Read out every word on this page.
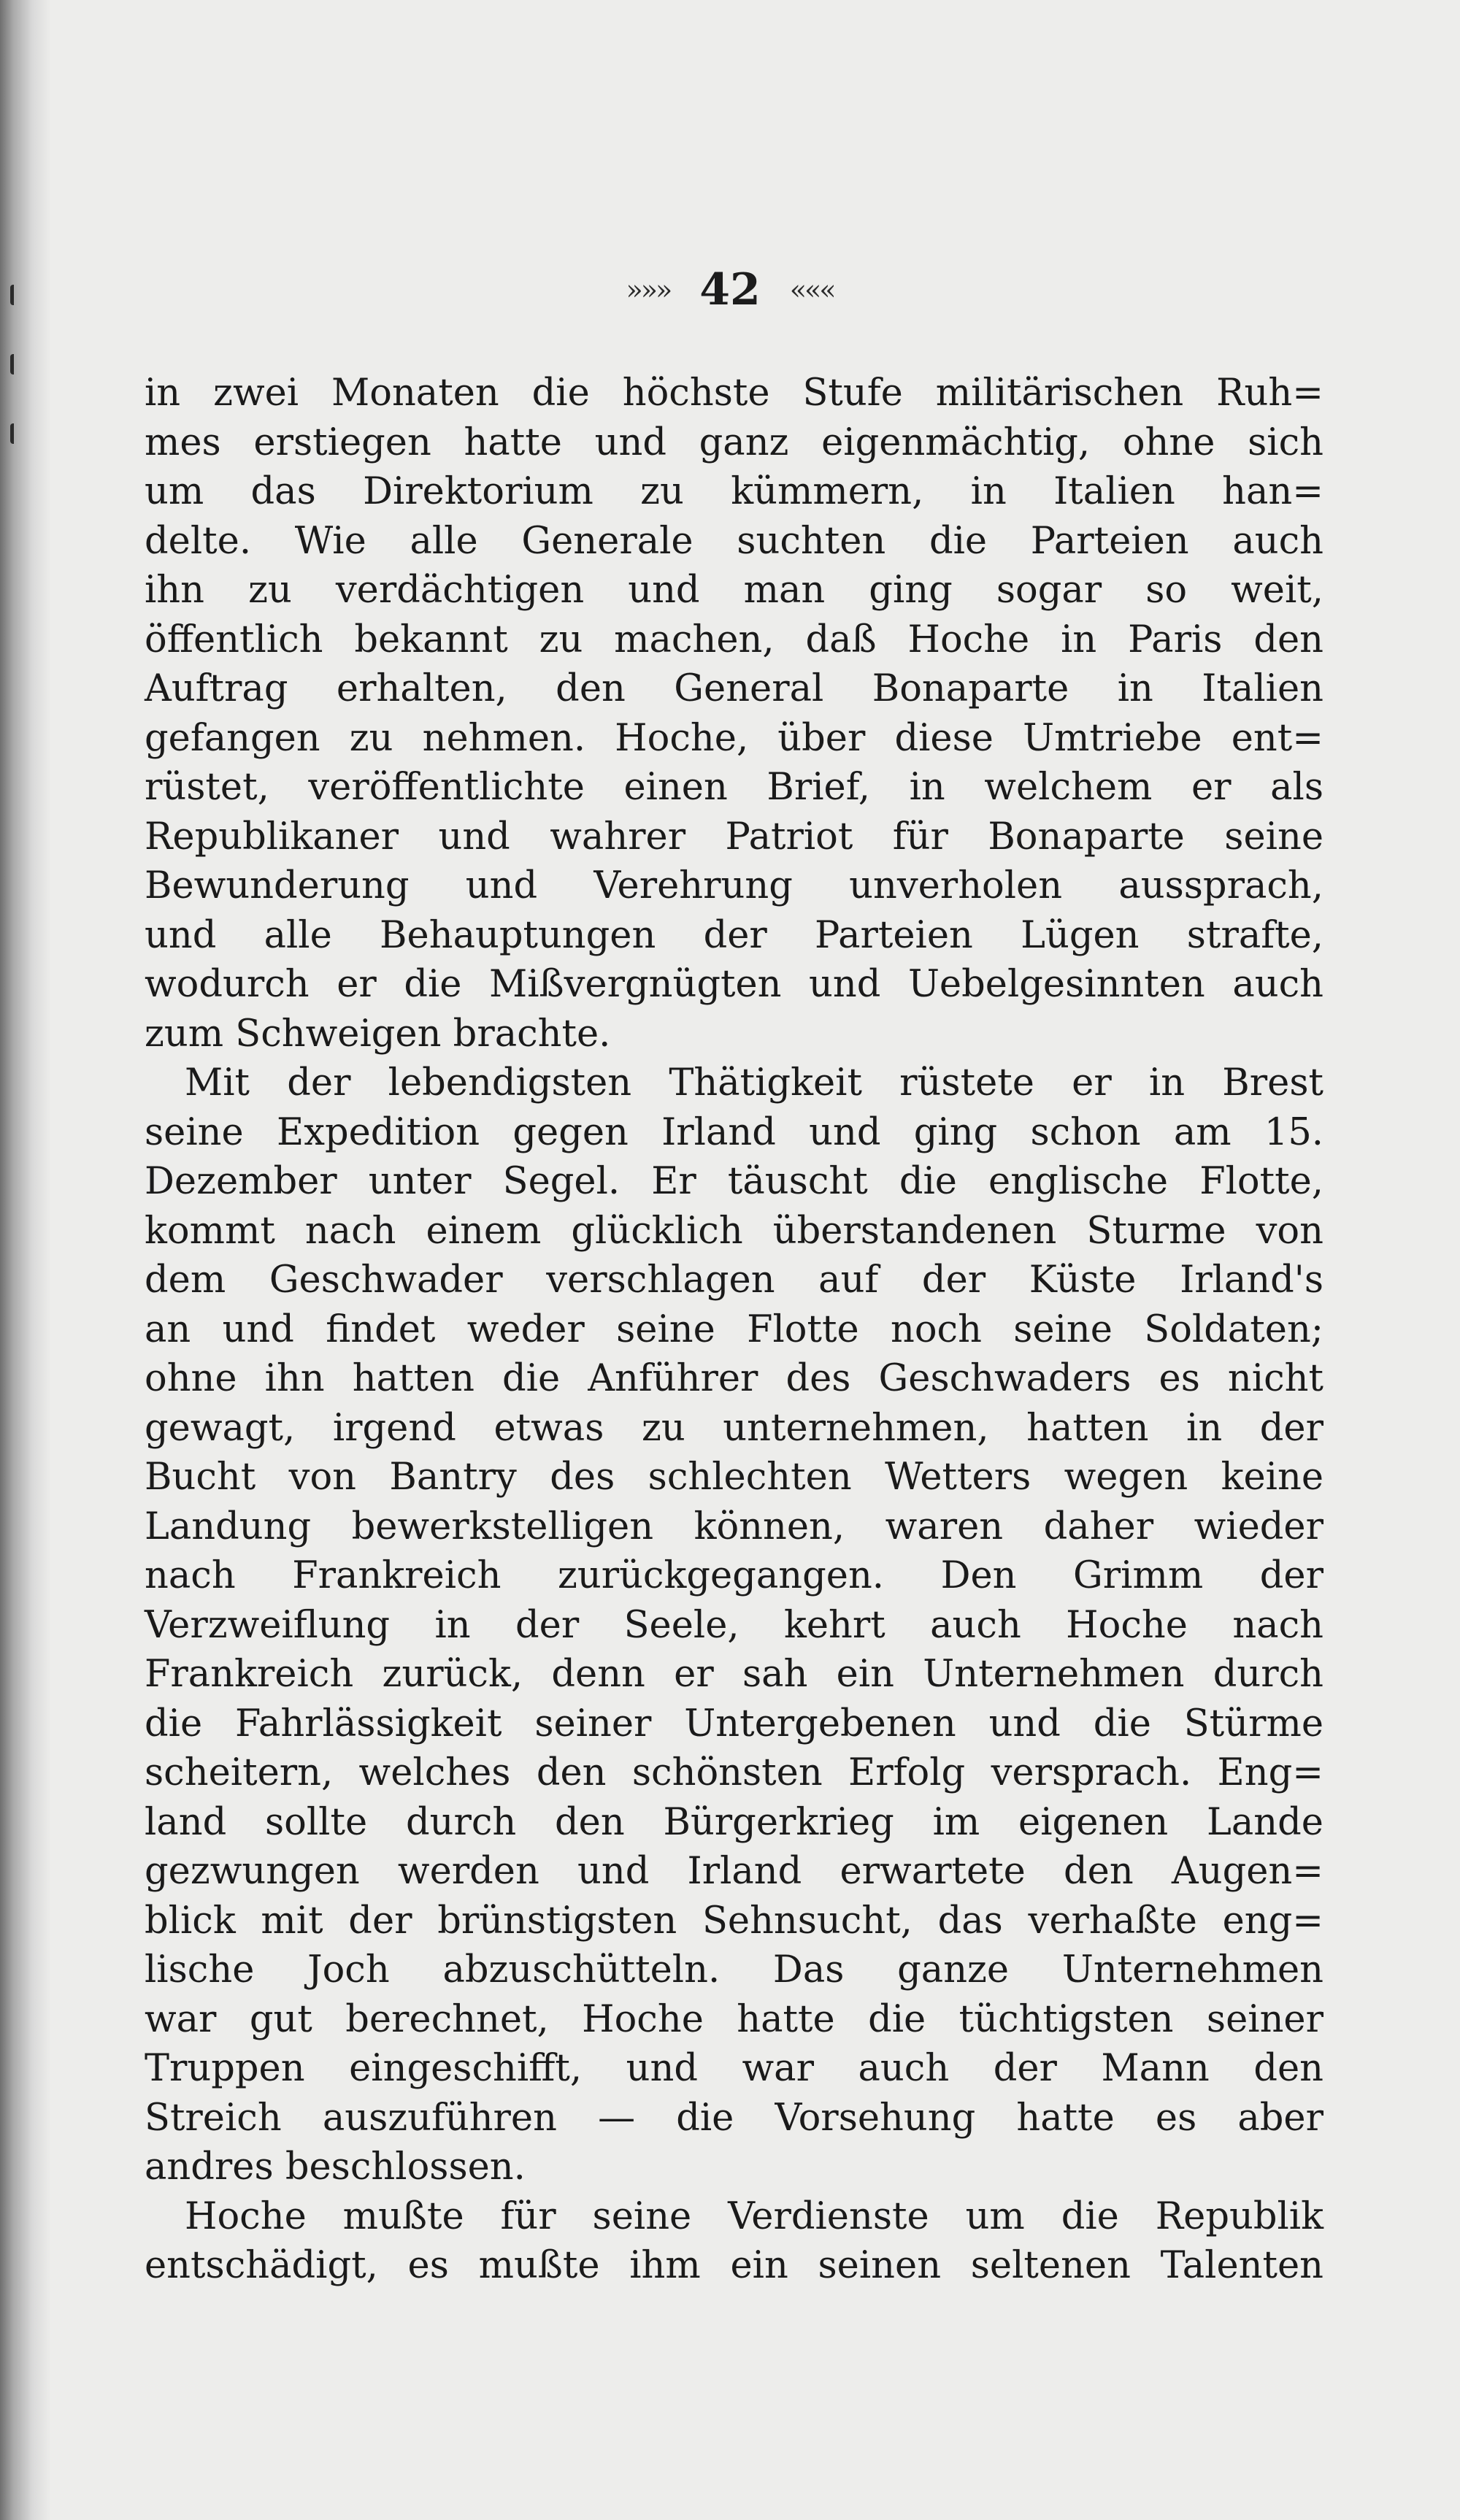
»»» 42 «««
in zwei Monaten die höchste Stufe militärischen Ruh=
mes erstiegen hatte und ganz eigenmächtig, ohne sich
um das Direktorium zu kümmern, in Italien han=
delte. Wie alle Generale suchten die Parteien auch
ihn zu verdächtigen und man ging sogar so weit,
öffentlich bekannt zu machen, daß Hoche in Paris den
Auftrag erhalten, den General Bonaparte in Italien
gefangen zu nehmen. Hoche, über diese Umtriebe ent=
rüstet, veröffentlichte einen Brief, in welchem er als
Republikaner und wahrer Patriot für Bonaparte seine
Bewunderung und Verehrung unverholen aussprach,
und alle Behauptungen der Parteien Lügen strafte,
wodurch er die Mißvergnügten und Uebelgesinnten auch
zum Schweigen brachte.
Mit der lebendigsten Thätigkeit rüstete er in Brest
seine Expedition gegen Irland und ging schon am 15.
Dezember unter Segel. Er täuscht die englische Flotte,
kommt nach einem glücklich überstandenen Sturme von
dem Geschwader verschlagen auf der Küste Irland's
an und findet weder seine Flotte noch seine Soldaten;
ohne ihn hatten die Anführer des Geschwaders es nicht
gewagt, irgend etwas zu unternehmen, hatten in der
Bucht von Bantry des schlechten Wetters wegen keine
Landung bewerkstelligen können, waren daher wieder
nach Frankreich zurückgegangen. Den Grimm der
Verzweiflung in der Seele, kehrt auch Hoche nach
Frankreich zurück, denn er sah ein Unternehmen durch
die Fahrlässigkeit seiner Untergebenen und die Stürme
scheitern, welches den schönsten Erfolg versprach. Eng=
land sollte durch den Bürgerkrieg im eigenen Lande
gezwungen werden und Irland erwartete den Augen=
blick mit der brünstigsten Sehnsucht, das verhaßte eng=
lische Joch abzuschütteln. Das ganze Unternehmen
war gut berechnet, Hoche hatte die tüchtigsten seiner
Truppen eingeschifft, und war auch der Mann den
Streich auszuführen — die Vorsehung hatte es aber
andres beschlossen.
Hoche mußte für seine Verdienste um die Republik
entschädigt, es mußte ihm ein seinen seltenen Talenten
